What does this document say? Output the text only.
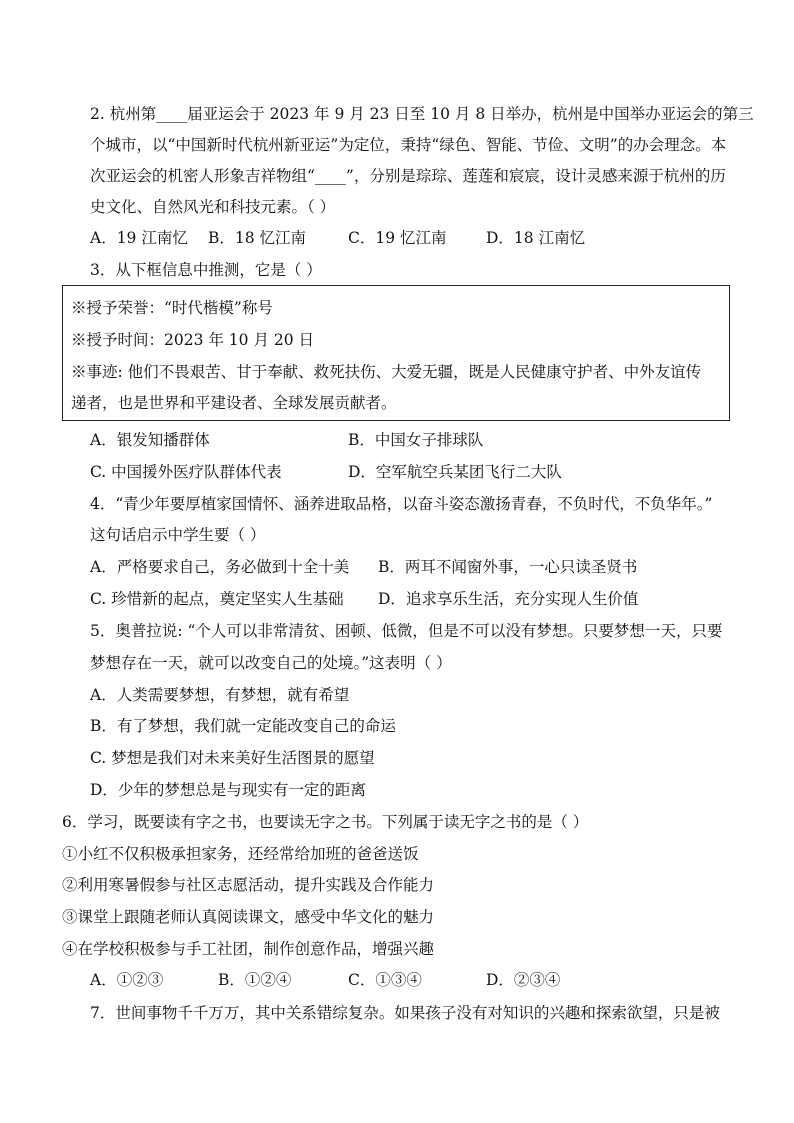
2. 杭州第____届亚运会于 2023 年 9 月 23 日至 10 月 8 日举办，杭州是中国举办亚运会的第三
个城市，以“中国新时代杭州新亚运”为定位，秉持“绿色、智能、节俭、文明”的办会理念。本
次亚运会的机密人形象吉祥物组“____”，分别是琮琮、莲莲和宸宸，设计灵感来源于杭州的历
史文化、自然风光和科技元素。（ ）
A．19 江南忆 B．18 忆江南	C．19 忆江南	D．18 江南忆
3．从下框信息中推测，它是（ ）
※授予荣誉：“时代楷模”称号
※授予时间：2023 年 10 月 20 日
※事迹: 他们不畏艰苦、甘于奉献、救死扶伤、大爱无疆，既是人民健康守护者、中外友谊传
递者，也是世界和平建设者、全球发展贡献者。
A．银发知播群体	B．中国女子排球队
C. 中国援外医疗队群体代表	D．空军航空兵某团飞行二大队
4．“青少年要厚植家国情怀、涵养进取品格，以奋斗姿态激扬青春，不负时代，不负华年。”
这句话启示中学生要（ ）
A．严格要求自己，务必做到十全十美 B．两耳不闻窗外事，一心只读圣贤书
C. 珍惜新的起点，奠定坚实人生基础 D．追求享乐生活，充分实现人生价值
5．奥普拉说: “个人可以非常清贫、困顿、低微，但是不可以没有梦想。只要梦想一天，只要
梦想存在一天，就可以改变自己的处境。”这表明（ ）
A．人类需要梦想，有梦想，就有希望
B．有了梦想，我们就一定能改变自己的命运
C. 梦想是我们对未来美好生活图景的愿望
D．少年的梦想总是与现实有一定的距离
6．学习，既要读有字之书，也要读无字之书。下列属于读无字之书的是（ ）
①小红不仅积极承担家务，还经常给加班的爸爸送饭
②利用寒暑假参与社区志愿活动，提升实践及合作能力
③课堂上跟随老师认真阅读课文，感受中华文化的魅力
④在学校积极参与手工社团，制作创意作品，增强兴趣
A．①②③	B．①②④	C．①③④	D．②③④
7．世间事物千千万万，其中关系错综复杂。如果孩子没有对知识的兴趣和探索欲望，只是被
